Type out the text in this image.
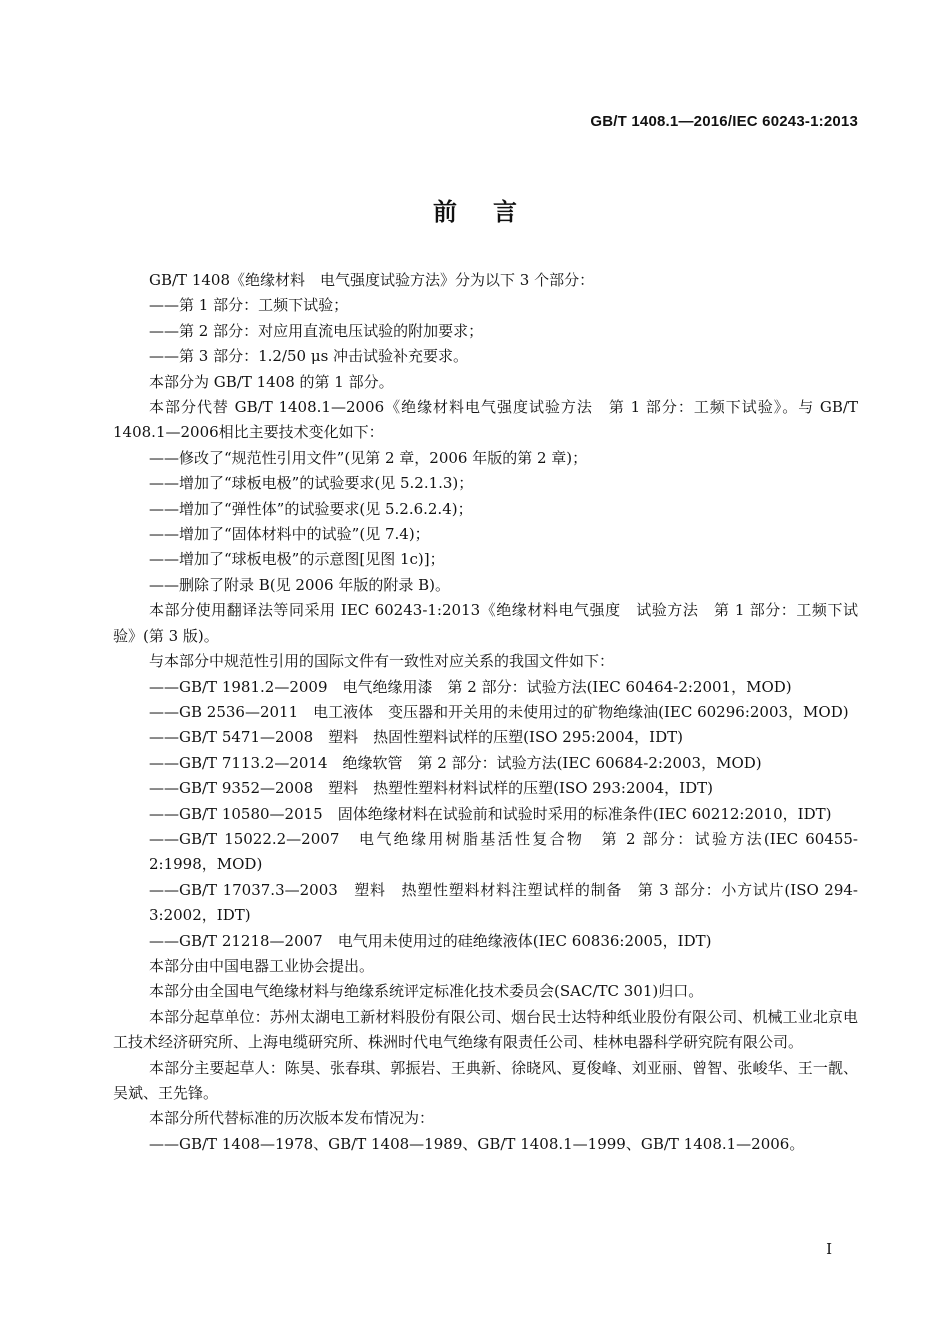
GB/T 1408.1—2016/IEC 60243-1:2013
前言

GB/T 1408《绝缘材料　电气强度试验方法》分为以下 3 个部分：

——第 1 部分：工频下试验；

——第 2 部分：对应用直流电压试验的附加要求；

——第 3 部分：1.2/50 μs 冲击试验补充要求。

本部分为 GB/T 1408 的第 1 部分。

本部分代替 GB/T 1408.1—2006《绝缘材料电气强度试验方法　第 1 部分：工频下试验》。与 GB/T 1408.1—2006相比主要技术变化如下：

——修改了“规范性引用文件”(见第 2 章，2006 年版的第 2 章)；

——增加了“球板电极”的试验要求(见 5.2.1.3)；

——增加了“弹性体”的试验要求(见 5.2.6.2.4)；

——增加了“固体材料中的试验”(见 7.4)；

——增加了“球板电极”的示意图[见图 1c)]；

——删除了附录 B(见 2006 年版的附录 B)。

本部分使用翻译法等同采用 IEC 60243-1:2013《绝缘材料电气强度　试验方法　第 1 部分：工频下试验》(第 3 版)。

与本部分中规范性引用的国际文件有一致性对应关系的我国文件如下：

——GB/T 1981.2—2009　电气绝缘用漆　第 2 部分：试验方法(IEC 60464-2:2001，MOD)

——GB 2536—2011　电工液体　变压器和开关用的未使用过的矿物绝缘油(IEC 60296:2003，MOD)

——GB/T 5471—2008　塑料　热固性塑料试样的压塑(ISO 295:2004，IDT)

——GB/T 7113.2—2014　绝缘软管　第 2 部分：试验方法(IEC 60684-2:2003，MOD)

——GB/T 9352—2008　塑料　热塑性塑料材料试样的压塑(ISO 293:2004，IDT)

——GB/T 10580—2015　固体绝缘材料在试验前和试验时采用的标准条件(IEC 60212:2010，IDT)

——GB/T 15022.2—2007　电气绝缘用树脂基活性复合物　第 2 部分：试验方法(IEC 60455-2:1998，MOD)

——GB/T 17037.3—2003　塑料　热塑性塑料材料注塑试样的制备　第 3 部分：小方试片(ISO 294-3:2002，IDT)

——GB/T 21218—2007　电气用未使用过的硅绝缘液体(IEC 60836:2005，IDT)

本部分由中国电器工业协会提出。

本部分由全国电气绝缘材料与绝缘系统评定标准化技术委员会(SAC/TC 301)归口。

本部分起草单位：苏州太湖电工新材料股份有限公司、烟台民士达特种纸业股份有限公司、机械工业北京电工技术经济研究所、上海电缆研究所、株洲时代电气绝缘有限责任公司、桂林电器科学研究院有限公司。

本部分主要起草人：陈昊、张春琪、郭振岩、王典新、徐晓风、夏俊峰、刘亚丽、曾智、张峻华、王一靓、吴斌、王先锋。

本部分所代替标准的历次版本发布情况为：

——GB/T 1408—1978、GB/T 1408—1989、GB/T 1408.1—1999、GB/T 1408.1—2006。

I
